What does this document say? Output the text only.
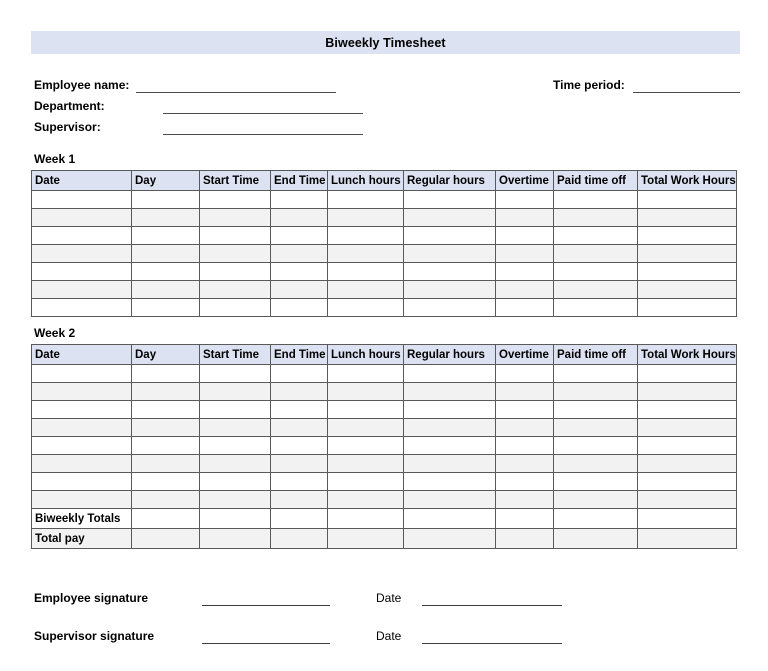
Biweekly Timesheet
Employee name:
Department:
Supervisor:
Time period:
Week 1
Date	Day	Start Time	End Time	Lunch hours	Regular hours	Overtime	Paid time off	Total Work Hours

Week 2
Date	Day	Start Time	End Time	Lunch hours	Regular hours	Overtime	Paid time off	Total Work Hours

Biweekly Totals								
Total pay								
Employee signature	Date
Supervisor signature	Date
